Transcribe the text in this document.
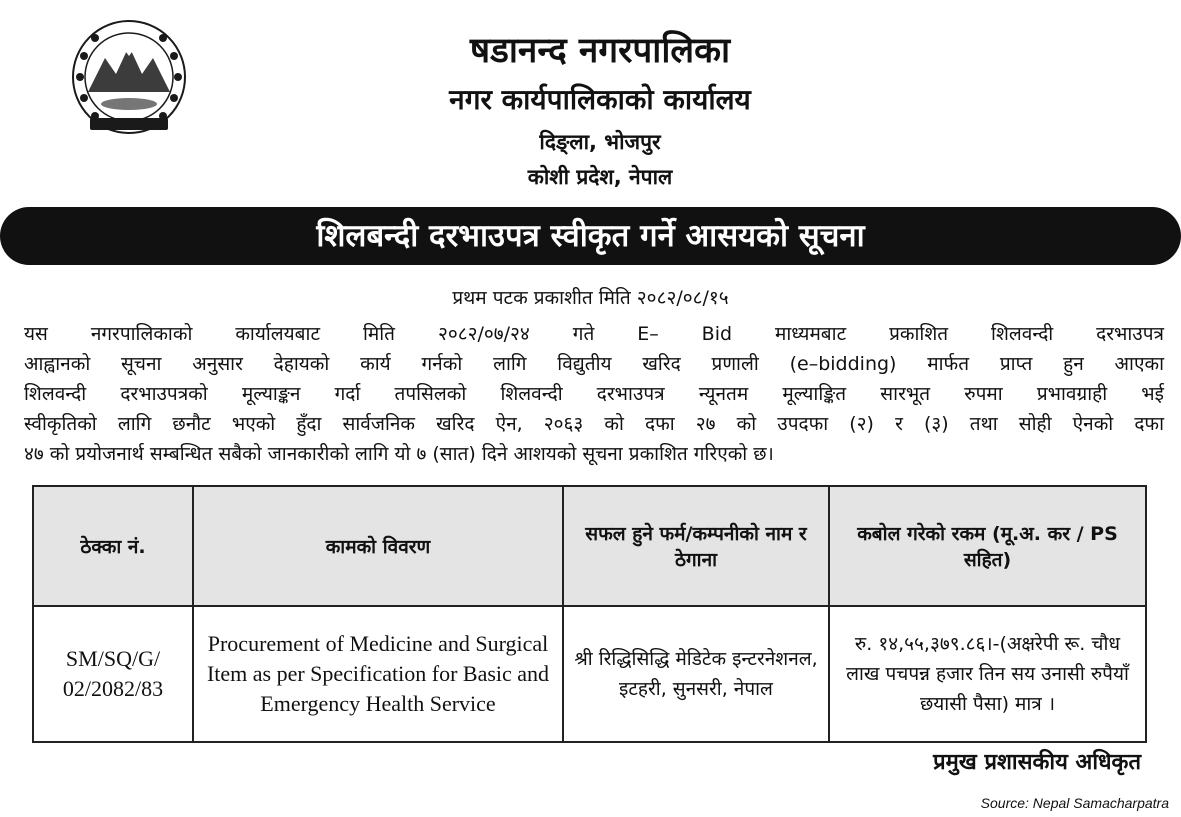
षडानन्द नगरपालिका
नगर कार्यपालिकाको कार्यालय
दिङ्ला, भोजपुर
कोशी प्रदेश, नेपाल
शिलबन्दी दरभाउपत्र स्वीकृत गर्ने आसयको सूचना
प्रथम पटक प्रकाशीत मिति २०८२/०८/१५
यस नगरपालिकाको कार्यालयबाट मिति २०८२/०७/२४ गते E– Bid माध्यमबाट प्रकाशित शिलवन्दी दरभाउपत्र
आह्वानको सूचना अनुसार देहायको कार्य गर्नको लागि विद्युतीय खरिद प्रणाली (e–bidding) मार्फत प्राप्त हुन आएका
शिलवन्दी दरभाउपत्रको मूल्याङ्कन गर्दा तपसिलको शिलवन्दी दरभाउपत्र न्यूनतम मूल्याङ्कित सारभूत रुपमा प्रभावग्राही भई
स्वीकृतिको लागि छनौट भएको हुँदा सार्वजनिक खरिद ऐन, २०६३ को दफा २७ को उपदफा (२) र (३) तथा सोही ऐनको दफा
४७ को प्रयोजनार्थ सम्बन्धित सबैको जानकारीको लागि यो ७ (सात) दिने आशयको सूचना प्रकाशित गरिएको छ।
ठेक्का नं.	कामको विवरण	सफल हुने फर्म/कम्पनीको नाम र ठेगाना	कबोल गरेको रकम (मू.अ. कर / PS सहित)
SM/SQ/G/ 02/2082/83	Procurement of Medicine and Surgical Item as per Specification for Basic and Emergency Health Service	श्री रिद्धिसिद्धि मेडिटेक इन्टरनेशनल, इटहरी, सुनसरी, नेपाल	रु. १४,५५,३७९.८६।-(अक्षरेपी रू. चौध लाख पचपन्न हजार तिन सय उनासी रुपैयाँ छयासी पैसा) मात्र ।
प्रमुख प्रशासकीय अधिकृत
Source: Nepal Samacharpatra
